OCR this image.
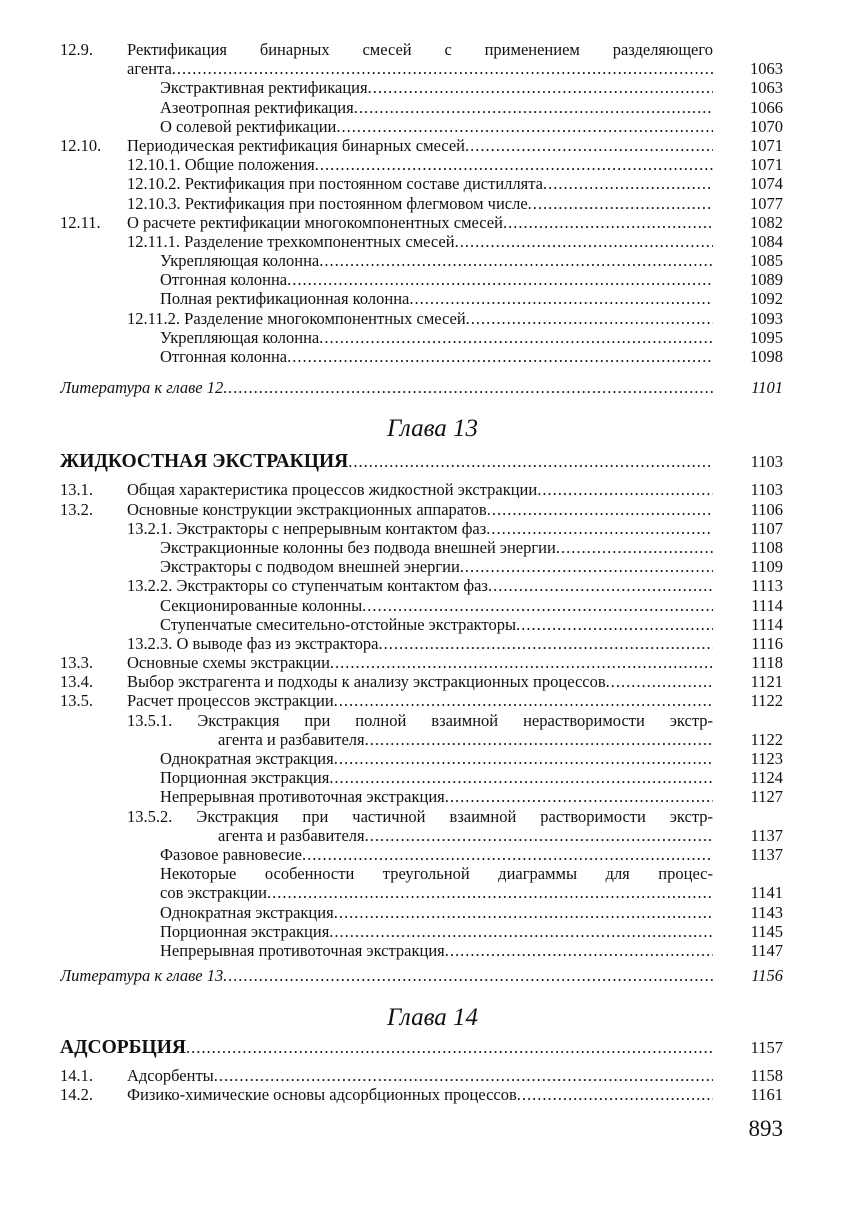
12.9. Ректификация бинарных смесей с применением разделяющего
агента .....	1063
Экстрактивная ректификация .....	1063
Азеотропная ректификация .....	1066
О солевой ректификации .....	1070
12.10. Периодическая ректификация бинарных смесей .....	1071
12.10.1. Общие положения .....	1071
12.10.2. Ректификация при постоянном составе дистиллята .....	1074
12.10.3. Ректификация при постоянном флегмовом числе .....	1077
12.11. О расчете ректификации многокомпонентных смесей .....	1082
12.11.1. Разделение трехкомпонентных смесей .....	1084
Укрепляющая колонна .....	1085
Отгонная колонна .....	1089
Полная ректификационная колонна .....	1092
12.11.2. Разделение многокомпонентных смесей .....	1093
Укрепляющая колонна .....	1095
Отгонная колонна .....	1098
Литература к главе 12 .....	1101
Глава 13
ЖИДКОСТНАЯ ЭКСТРАКЦИЯ .....	1103
13.1. Общая характеристика процессов жидкостной экстракции .....	1103
13.2. Основные конструкции экстракционных аппаратов .....	1106
13.2.1. Экстракторы с непрерывным контактом фаз .....	1107
Экстракционные колонны без подвода внешней энергии .....	1108
Экстракторы с подводом внешней энергии .....	1109
13.2.2. Экстракторы со ступенчатым контактом фаз .....	1113
Секционированные колонны .....	1114
Ступенчатые смесительно-отстойные экстракторы .....	1114
13.2.3. О выводе фаз из экстрактора .....	1116
13.3. Основные схемы экстракции .....	1118
13.4. Выбор экстрагента и подходы к анализу экстракционных процессов .....	1121
13.5. Расчет процессов экстракции .....	1122
13.5.1. Экстракция при полной взаимной нерастворимости экстр-
агента и разбавителя .....	1122
Однократная экстракция .....	1123
Порционная экстракция .....	1124
Непрерывная противоточная экстракция .....	1127
13.5.2. Экстракция при частичной взаимной растворимости экстр-
агента и разбавителя .....	1137
Фазовое равновесие .....	1137
Некоторые особенности треугольной диаграммы для процес-
сов экстракции .....	1141
Однократная экстракция .....	1143
Порционная экстракция .....	1145
Непрерывная противоточная экстракция .....	1147
Литература к главе 13 .....	1156
Глава 14
АДСОРБЦИЯ .....	1157
14.1. Адсорбенты .....	1158
14.2. Физико-химические основы адсорбционных процессов .....	1161
893
